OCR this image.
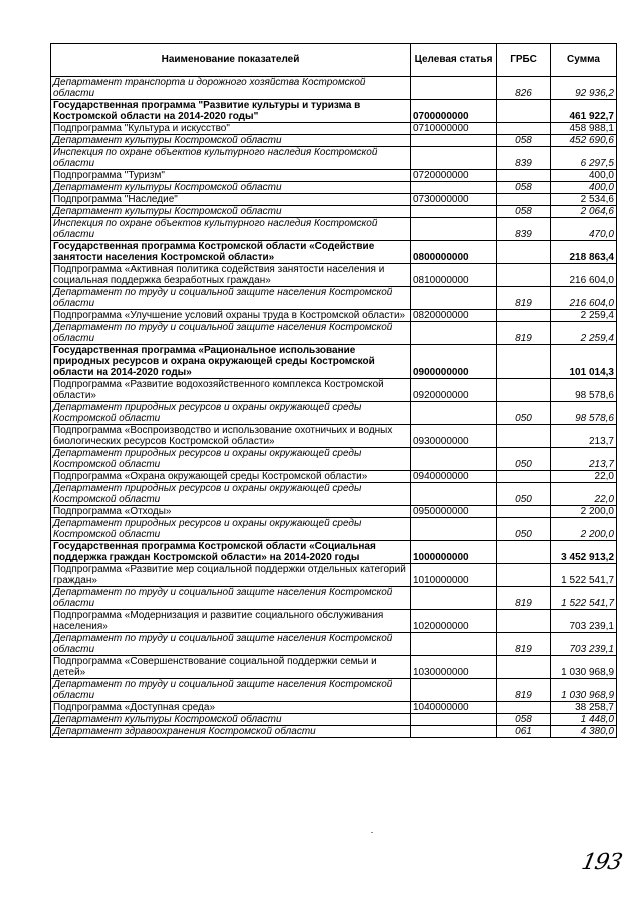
Наименование показателей	Целевая статья	ГРБС	Сумма
Департамент транспорта и дорожного хозяйства Костромской области		826	92 936,2
Государственная программа "Развитие культуры и туризма в Костромской области на 2014-2020 годы"	0700000000		461 922,7
Подпрограмма "Культура и искусство"	0710000000		458 988,1
Департамент культуры Костромской области		058	452 690,6
Инспекция по охране объектов культурного наследия Костромской области		839	6 297,5
Подпрограмма "Туризм"	0720000000		400,0
Департамент культуры Костромской области		058	400,0
Подпрограмма "Наследие"	0730000000		2 534,6
Департамент культуры Костромской области		058	2 064,6
Инспекция по охране объектов культурного наследия Костромской области		839	470,0
Государственная программа Костромской области «Содействие занятости населения Костромской области»	0800000000		218 863,4
Подпрограмма «Активная политика содействия занятости населения и социальная поддержка безработных граждан»	0810000000		216 604,0
Департамент по труду и социальной защите населения Костромской области		819	216 604,0
Подпрограмма «Улучшение условий охраны труда в Костромской области»	0820000000		2 259,4
Департамент по труду и социальной защите населения Костромской области		819	2 259,4
Государственная программа «Рациональное использование природных ресурсов и охрана окружающей среды Костромской области на 2014-2020 годы»	0900000000		101 014,3
Подпрограмма «Развитие водохозяйственного комплекса Костромской области»	0920000000		98 578,6
Департамент природных ресурсов и охраны окружающей среды Костромской области		050	98 578,6
Подпрограмма «Воспроизводство и использование охотничьих и водных биологических ресурсов Костромской области»	0930000000		213,7
Департамент природных ресурсов и охраны окружающей среды Костромской области		050	213,7
Подпрограмма «Охрана окружающей среды Костромской области»	0940000000		22,0
Департамент природных ресурсов и охраны окружающей среды Костромской области		050	22,0
Подпрограмма «Отходы»	0950000000		2 200,0
Департамент природных ресурсов и охраны окружающей среды Костромской области		050	2 200,0
Государственная программа Костромской области «Социальная поддержка граждан Костромской области» на 2014-2020 годы	1000000000		3 452 913,2
Подпрограмма «Развитие мер социальной поддержки отдельных категорий граждан»	1010000000		1 522 541,7
Департамент по труду и социальной защите населения Костромской области		819	1 522 541,7
Подпрограмма «Модернизация и развитие социального обслуживания населения»	1020000000		703 239,1
Департамент по труду и социальной защите населения Костромской области		819	703 239,1
Подпрограмма «Совершенствование социальной поддержки семьи и детей»	1030000000		1 030 968,9
Департамент по труду и социальной защите населения Костромской области		819	1 030 968,9
Подпрограмма «Доступная среда»	1040000000		38 258,7
Департамент культуры Костромской области		058	1 448,0
Департамент здравоохранения Костромской области		061	4 380,0
193
